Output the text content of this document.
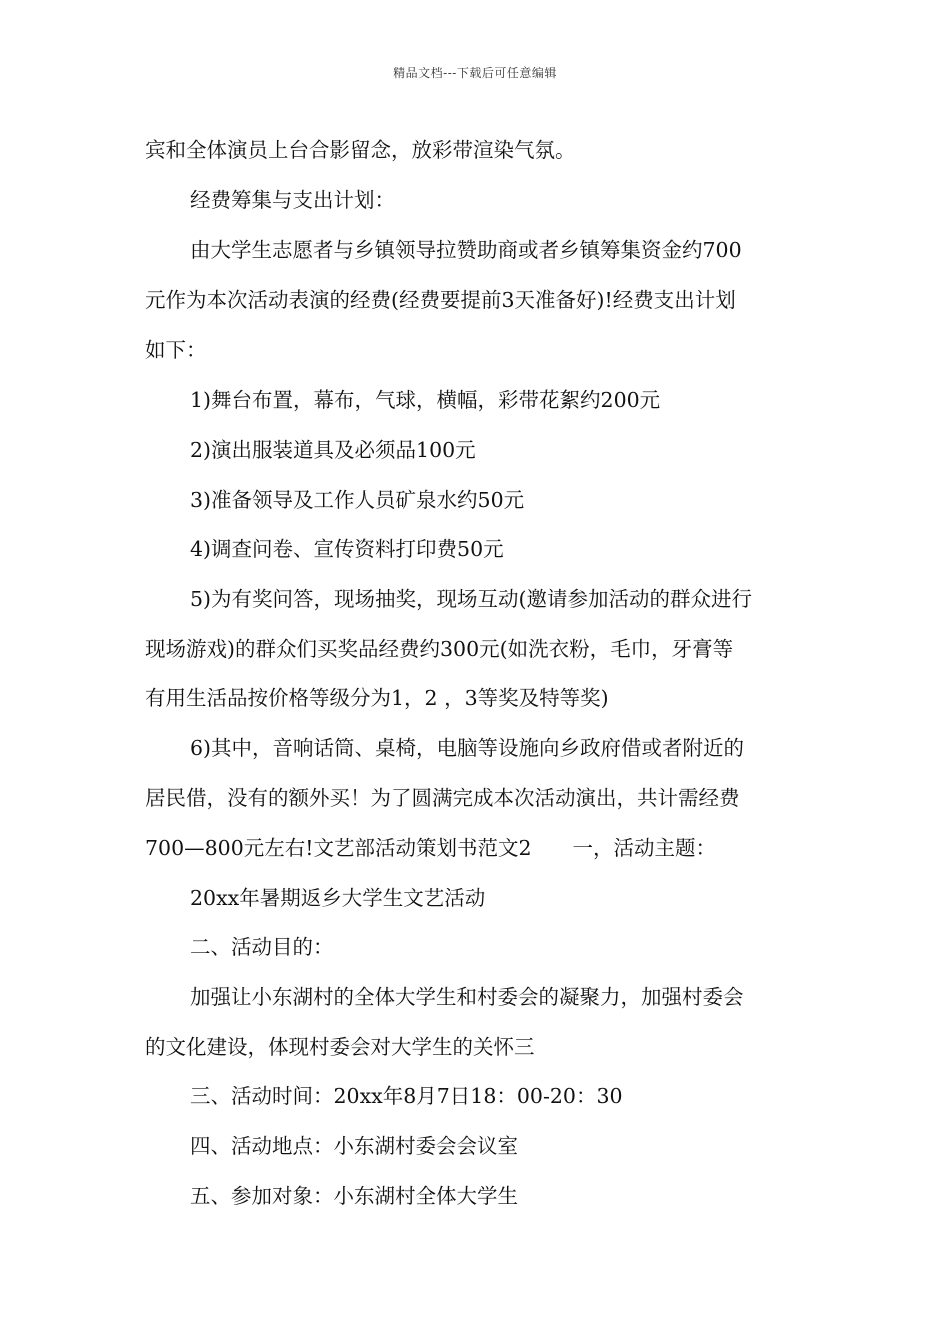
精品文档---下载后可任意编辑
宾和全体演员上台合影留念，放彩带渲染气氛。
经费筹集与支出计划：
由大学生志愿者与乡镇领导拉赞助商或者乡镇筹集资金约700
元作为本次活动表演的经费(经费要提前3天准备好)!经费支出计划
如下：
1)舞台布置，幕布，气球，横幅，彩带花絮约200元
2)演出服装道具及必须品100元
3)准备领导及工作人员矿泉水约50元
4)调查问卷、宣传资料打印费50元
5)为有奖问答，现场抽奖，现场互动(邀请参加活动的群众进行
现场游戏)的群众们买奖品经费约300元(如洗衣粉，毛巾，牙膏等
有用生活品按价格等级分为1，2 ，3等奖及特等奖)
6)其中，音响话筒、桌椅，电脑等设施向乡政府借或者附近的
居民借，没有的额外买！为了圆满完成本次活动演出，共计需经费
700—800元左右!文艺部活动策划书范文2　　一，活动主题：
20xx年暑期返乡大学生文艺活动
二、活动目的：
加强让小东湖村的全体大学生和村委会的凝聚力，加强村委会
的文化建设，体现村委会对大学生的关怀三
三、活动时间：20xx年8月7日18：00-20：30
四、活动地点：小东湖村委会会议室
五、参加对象：小东湖村全体大学生
